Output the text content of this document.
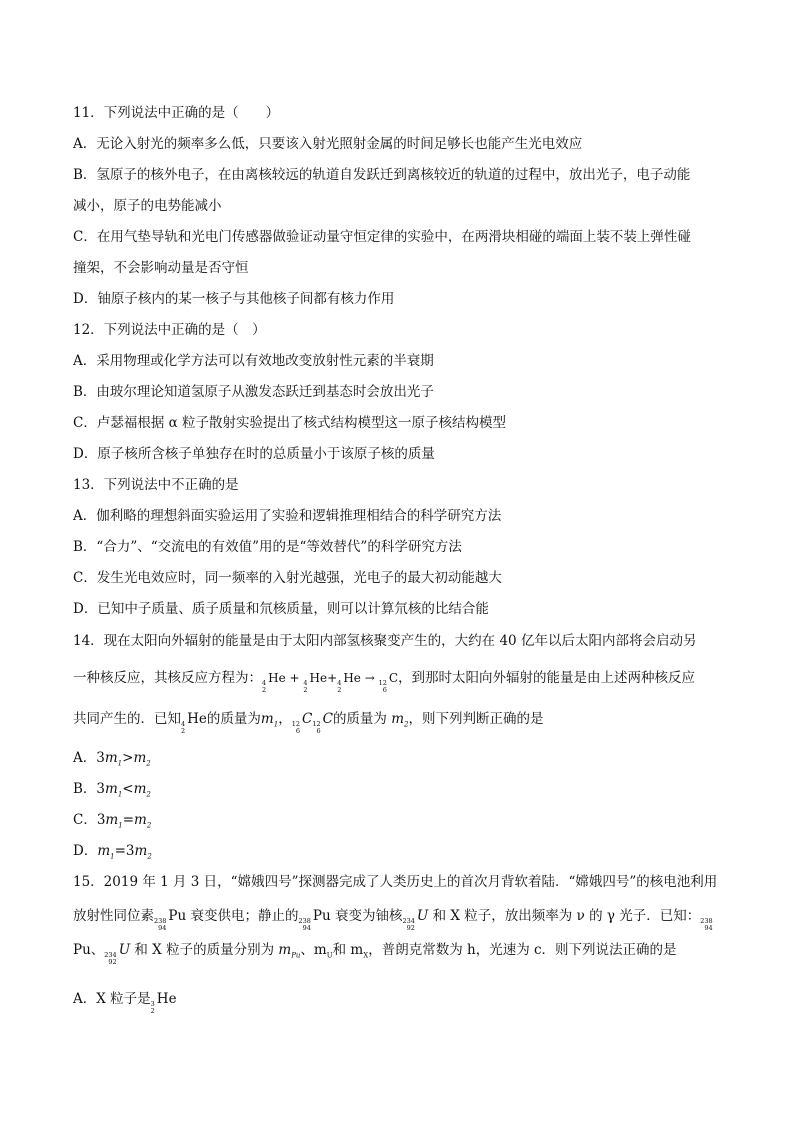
11．下列说法中正确的是（　　）
A．无论入射光的频率多么低，只要该入射光照射金属的时间足够长也能产生光电效应
B．氢原子的核外电子，在由离核较远的轨道自发跃迁到离核较近的轨道的过程中，放出光子，电子动能
减小，原子的电势能减小
C．在用气垫导轨和光电门传感器做验证动量守恒定律的实验中，在两滑块相碰的端面上装不装上弹性碰
撞架，不会影响动量是否守恒
D．铀原子核内的某一核子与其他核子间都有核力作用
12．下列说法中正确的是（　）
A．采用物理或化学方法可以有效地改变放射性元素的半衰期
B．由玻尔理论知道氢原子从激发态跃迁到基态时会放出光子
C．卢瑟福根据 α 粒子散射实验提出了核式结构模型这一原子核结构模型
D．原子核所含核子单独存在时的总质量小于该原子核的质量
13．下列说法中不正确的是
A．伽利略的理想斜面实验运用了实验和逻辑推理相结合的科学研究方法
B．“合力”、“交流电的有效值”用的是“等效替代”的科学研究方法
C．发生光电效应时，同一频率的入射光越强，光电子的最大初动能越大
D．已知中子质量、质子质量和氘核质量，则可以计算氘核的比结合能
14．现在太阳向外辐射的能量是由于太阳内部氢核聚变产生的，大约在 40 亿年以后太阳内部将会启动另
一种核反应，其核反应方程为： 4
2
He + 4
2
He+ 4
2
He → 12
6
C，到那时太阳向外辐射的能量是由上述两种核反应
共同产生的．已知 4
2
He的质量为$m_1$， 12
6
C 12
6
C的质量为 $m_2$，则下列判断正确的是
A．$3m_1>m_2$
B．$3m_1<m_2$
C．$3m_1=m_2$
D．$m_1=3m_2$
15．2019 年 1 月 3 日，“嫦娥四号”探测器完成了人类历史上的首次月背软着陆．“嫦娥四号”的核电池利用
放射性同位素 238
94
Pu 衰变供电；静止的 238
94
Pu 衰变为铀核 234
92
U 和 X 粒子，放出频率为 ν 的 γ 光子．已知： 238
94
Pu、 234
92
U 和 X 粒子的质量分别为 $m_{Pu}$、$m_U$和 $m_X$，普朗克常数为 h，光速为 c．则下列说法正确的是
A．X 粒子是 3
2
He
